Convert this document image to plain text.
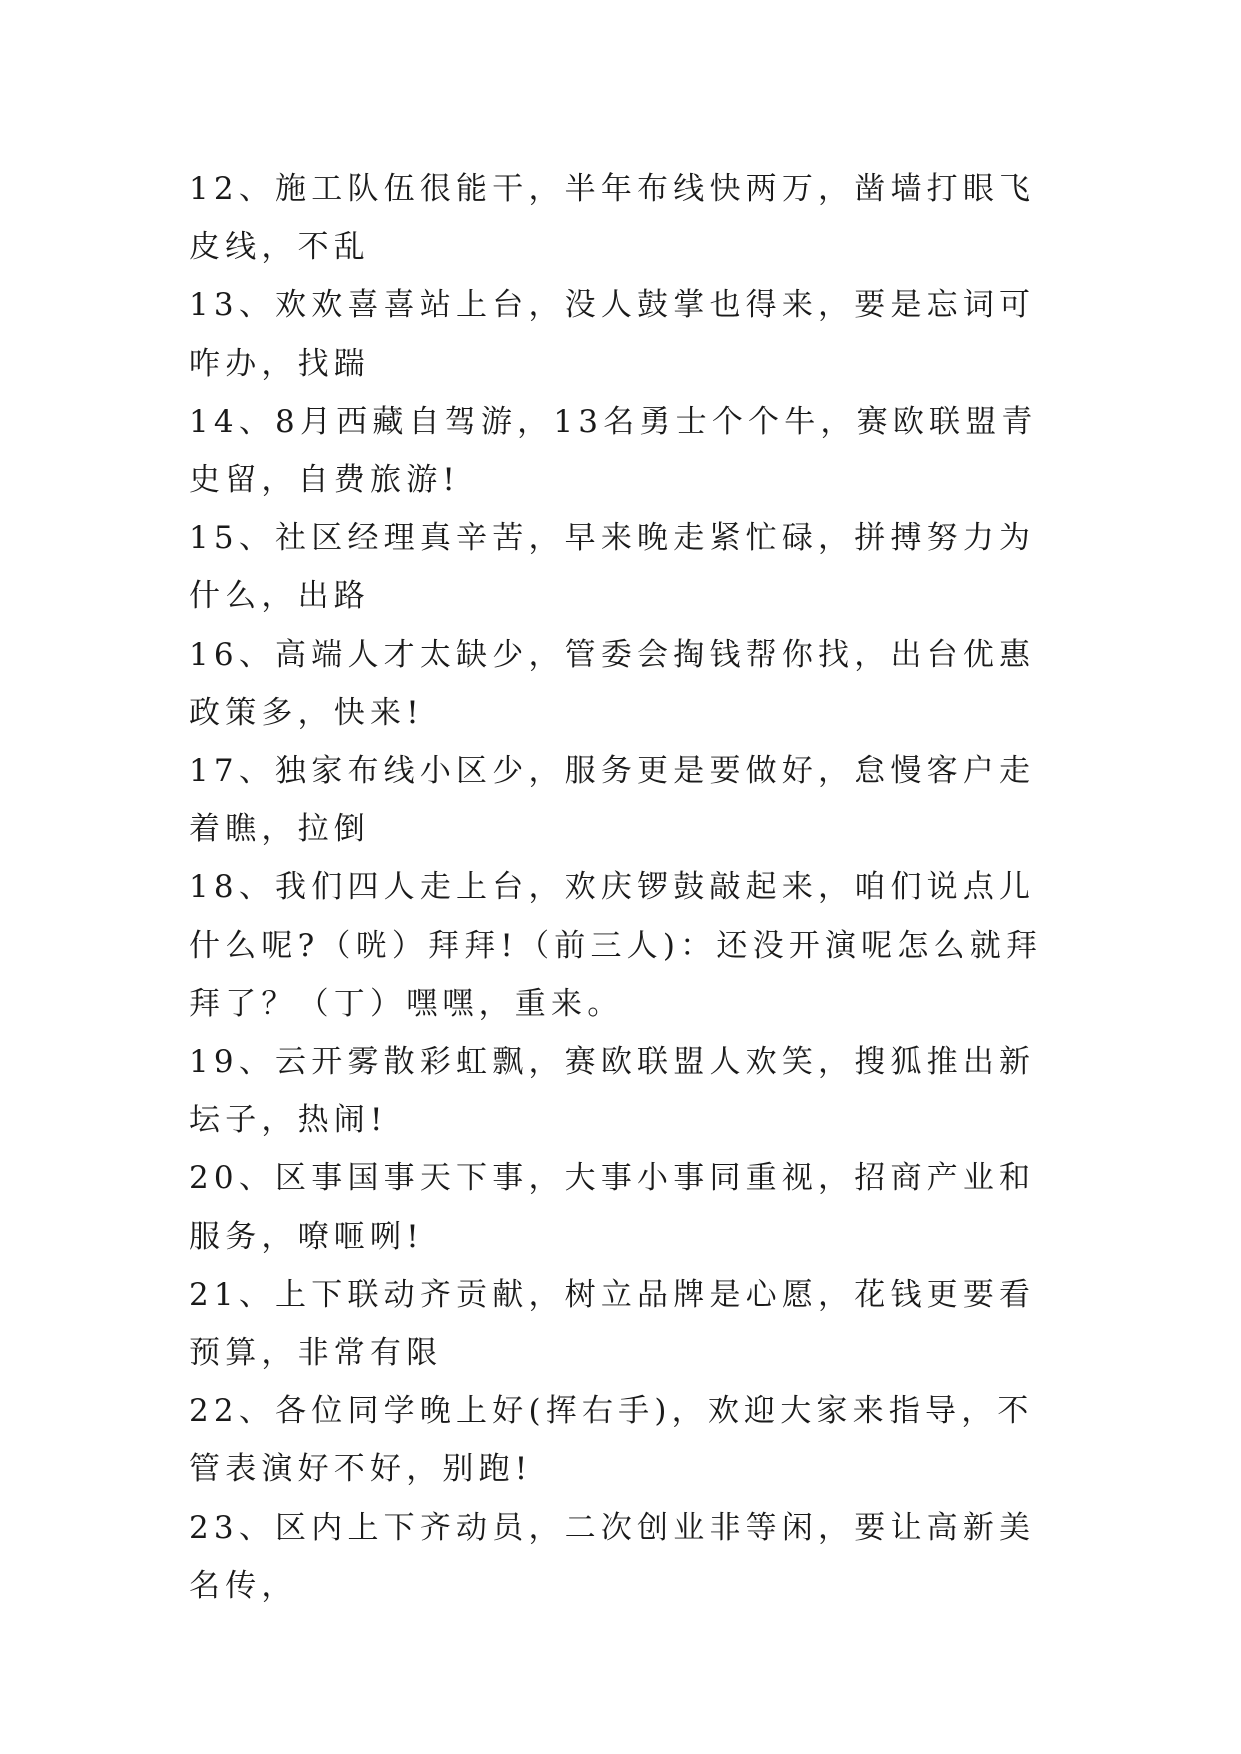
12、施工队伍很能干，半年布线快两万，凿墙打眼飞皮线，不乱

13、欢欢喜喜站上台，没人鼓掌也得来，要是忘词可咋办，找踹

14、8月西藏自驾游，13名勇士个个牛，赛欧联盟青史留，自费旅游!

15、社区经理真辛苦，早来晚走紧忙碌，拼搏努力为什么，出路

16、高端人才太缺少，管委会掏钱帮你找，出台优惠政策多，快来!

17、独家布线小区少，服务更是要做好，怠慢客户走着瞧，拉倒

18、我们四人走上台，欢庆锣鼓敲起来，咱们说点儿什么呢?（咣）拜拜!（前三人)：还没开演呢怎么就拜拜了？（丁）嘿嘿，重来。

19、云开雾散彩虹飘，赛欧联盟人欢笑，搜狐推出新坛子，热闹!

20、区事国事天下事，大事小事同重视，招商产业和服务，嘹咂咧!

21、上下联动齐贡献，树立品牌是心愿，花钱更要看预算，非常有限

22、各位同学晚上好(挥右手)，欢迎大家来指导，不管表演好不好，别跑!

23、区内上下齐动员，二次创业非等闲，要让高新美名传，
